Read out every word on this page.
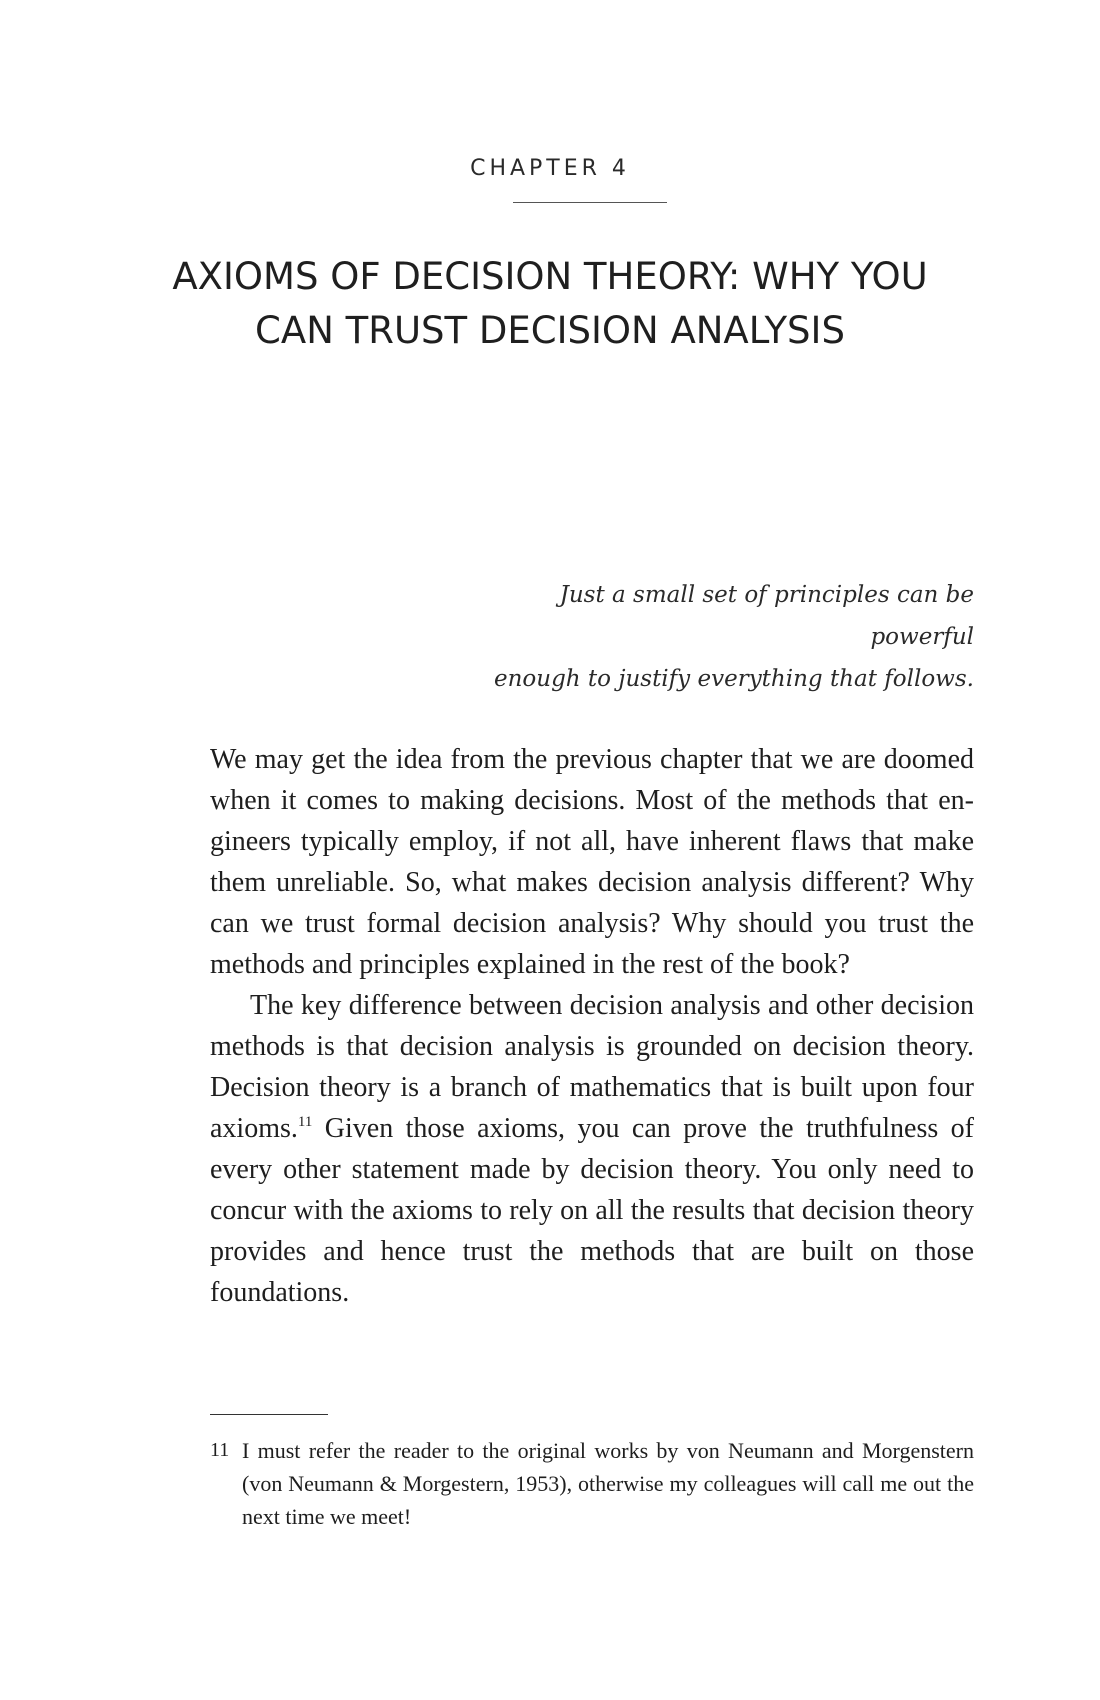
CHAPTER 4
AXIOMS OF DECISION THEORY: WHY YOU CAN TRUST DECISION ANALYSIS
Just a small set of principles can be powerful
enough to justify everything that follows.

We may get the idea from the previous chapter that we are doomed when it comes to making decisions. Most of the methods that engineers typically employ, if not all, have inherent flaws that make them unreliable. So, what makes decision analysis different? Why can we trust formal decision analysis? Why should you trust the methods and principles explained in the rest of the book?

The key difference between decision analysis and other decision methods is that decision analysis is grounded on decision theory. Decision theory is a branch of mathematics that is built upon four axioms.$^{11}$ Given those axioms, you can prove the truthfulness of every other statement made by decision theory. You only need to concur with the axioms to rely on all the results that decision theory provides and hence trust the methods that are built on those foundations.

11 I must refer the reader to the original works by von Neumann and Morgenstern (von Neumann & Morgestern, 1953), otherwise my colleagues will call me out the next time we meet!
